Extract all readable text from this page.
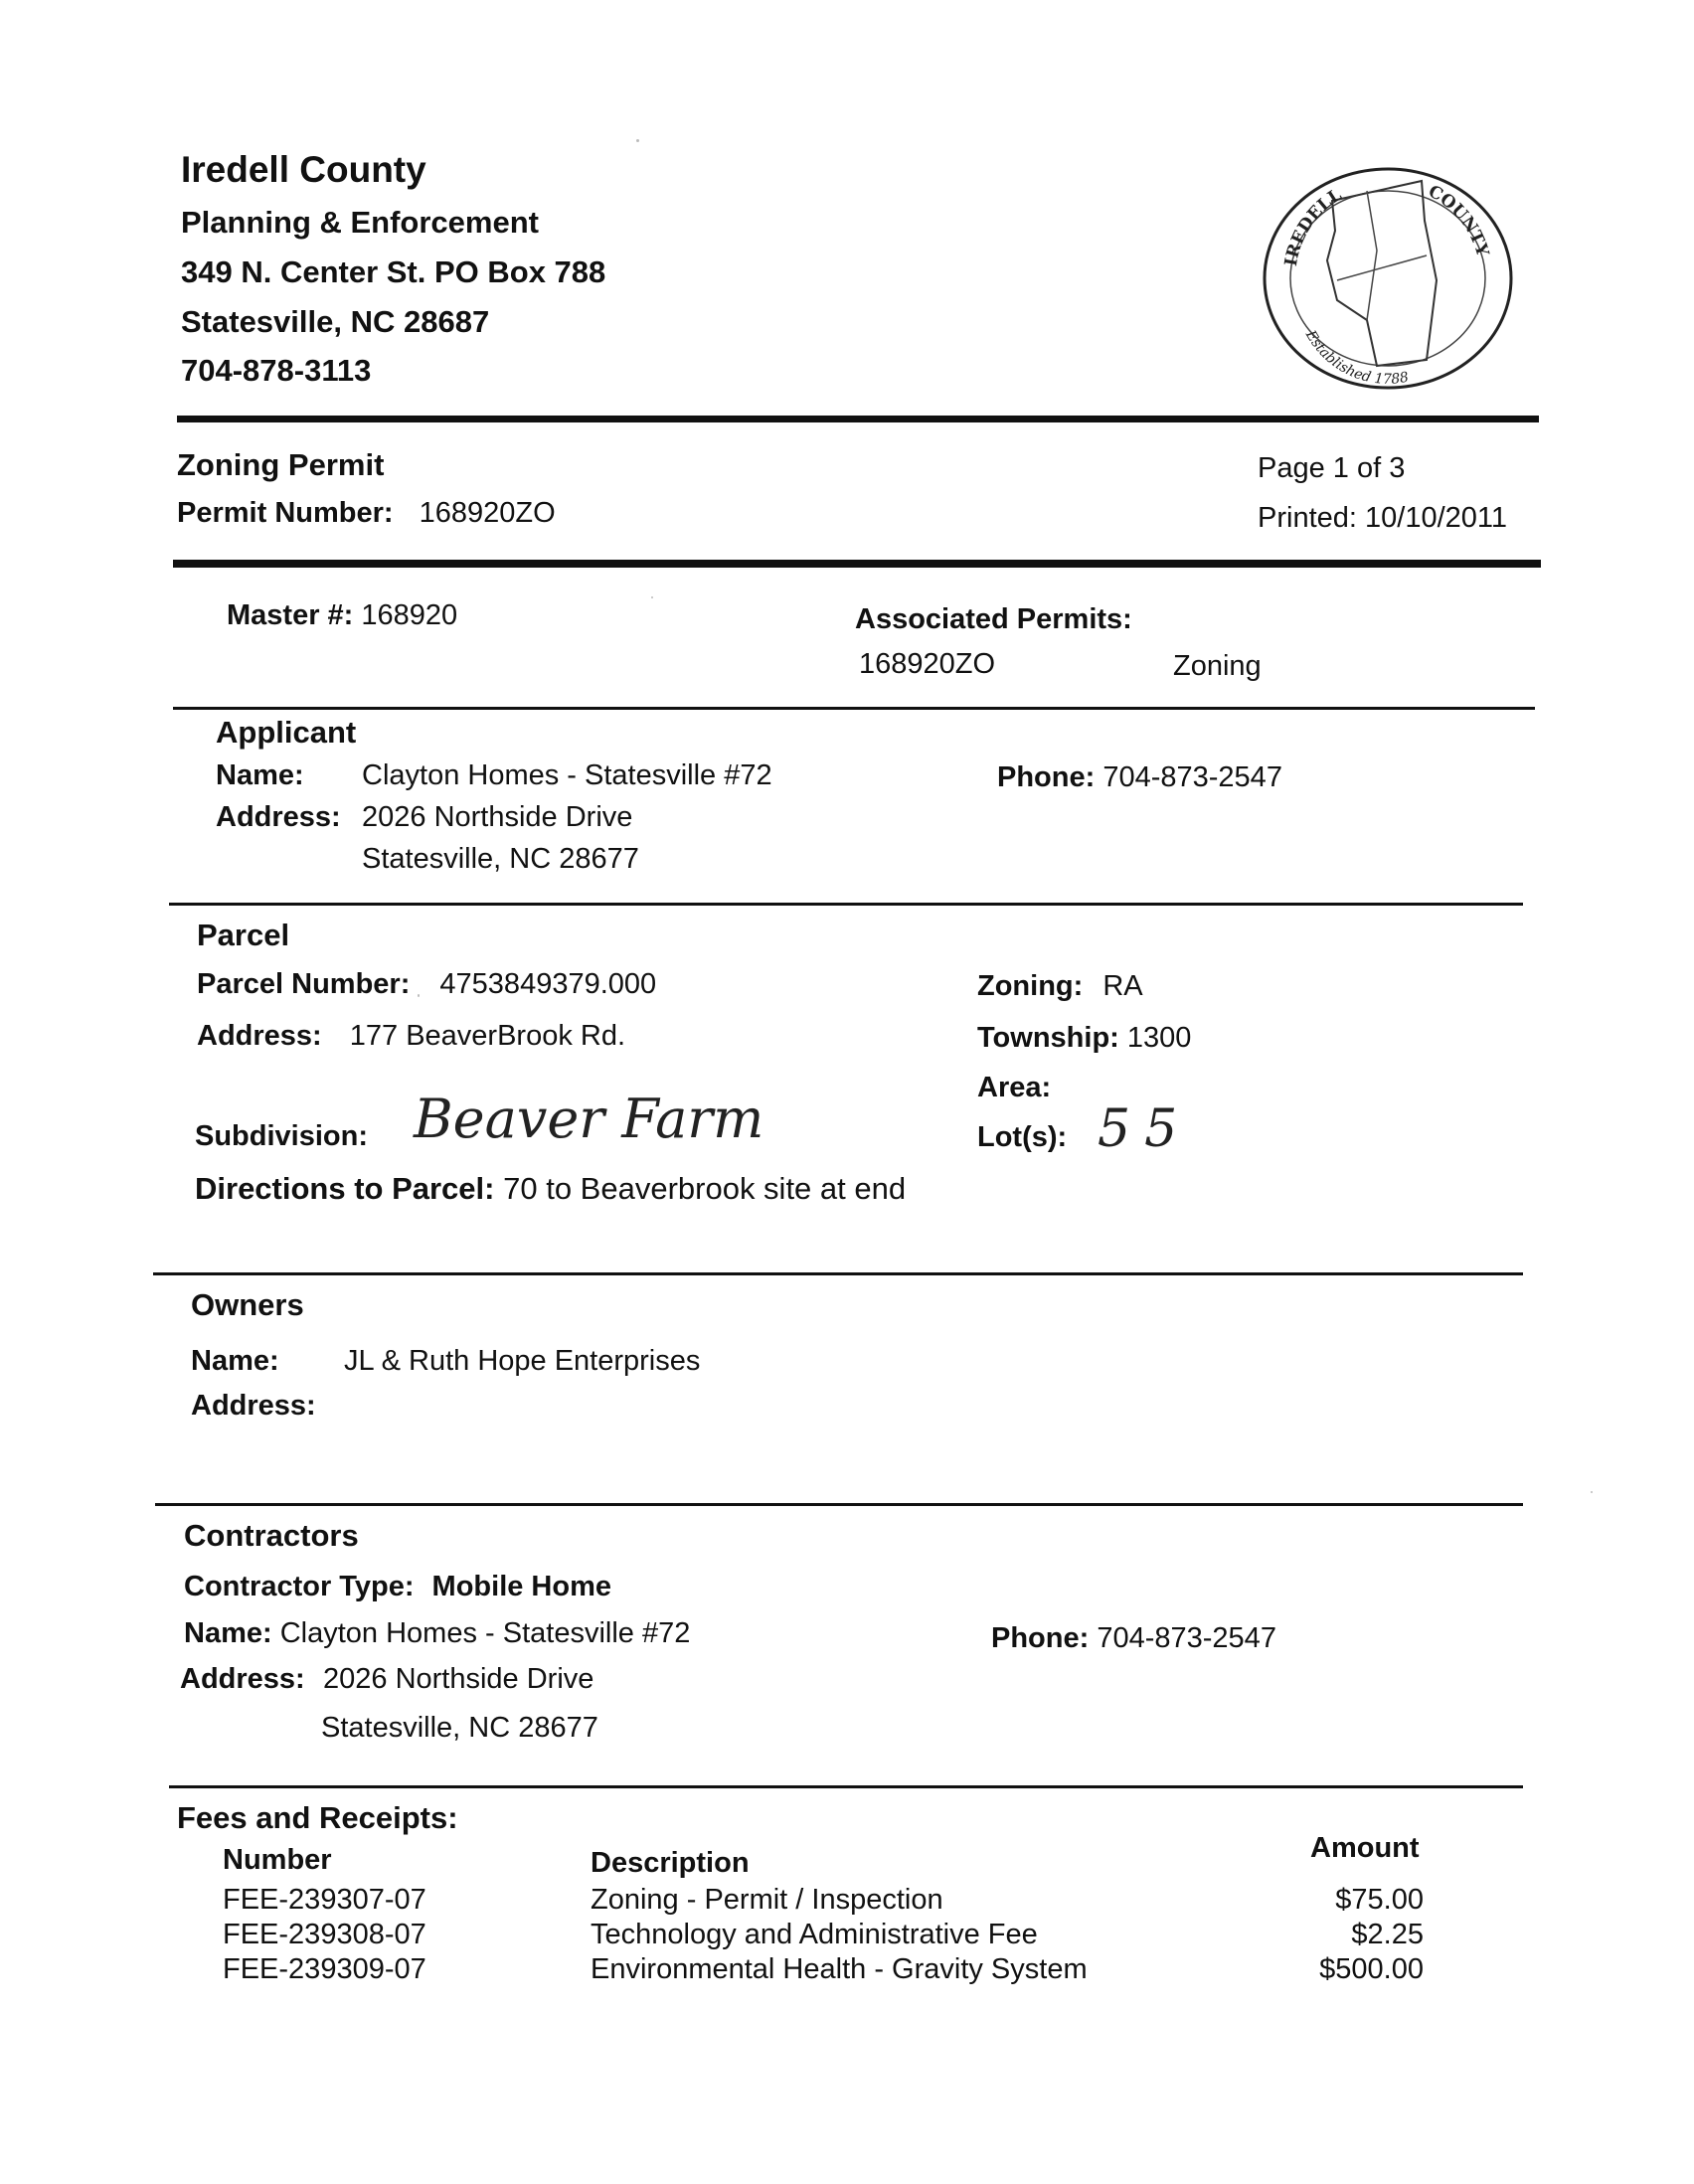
Iredell County
Planning & Enforcement
349 N. Center St. PO Box 788
Statesville, NC 28687
704-878-3113
IREDELL	COUNTY
Established 1788
Zoning Permit
Permit Number: 168920ZO
Page 1 of 3
Printed: 10/10/2011
Master #: 168920	Associated Permits:
168920ZO	Zoning
Applicant
Name: Clayton Homes - Statesville #72
Address: 2026 Northside Drive
Statesville, NC 28677
Phone: 704-873-2547
Parcel
Parcel Number: 4753849379.000
Address: 177 BeaverBrook Rd.
Subdivision: Beaver Farm
Directions to Parcel: 70 to Beaverbrook site at end
Zoning: RA
Township: 1300
Area:
Lot(s): 55
Owners
Name: JL & Ruth Hope Enterprises
Address:
Contractors
Contractor Type: Mobile Home
Name: Clayton Homes - Statesville #72
Address: 2026 Northside Drive
Statesville, NC 28677
Phone: 704-873-2547
Fees and Receipts:
Number	Description	Amount
FEE-239307-07	Zoning - Permit / Inspection	$75.00
FEE-239308-07	Technology and Administrative Fee	$2.25
FEE-239309-07	Environmental Health - Gravity System	$500.00
